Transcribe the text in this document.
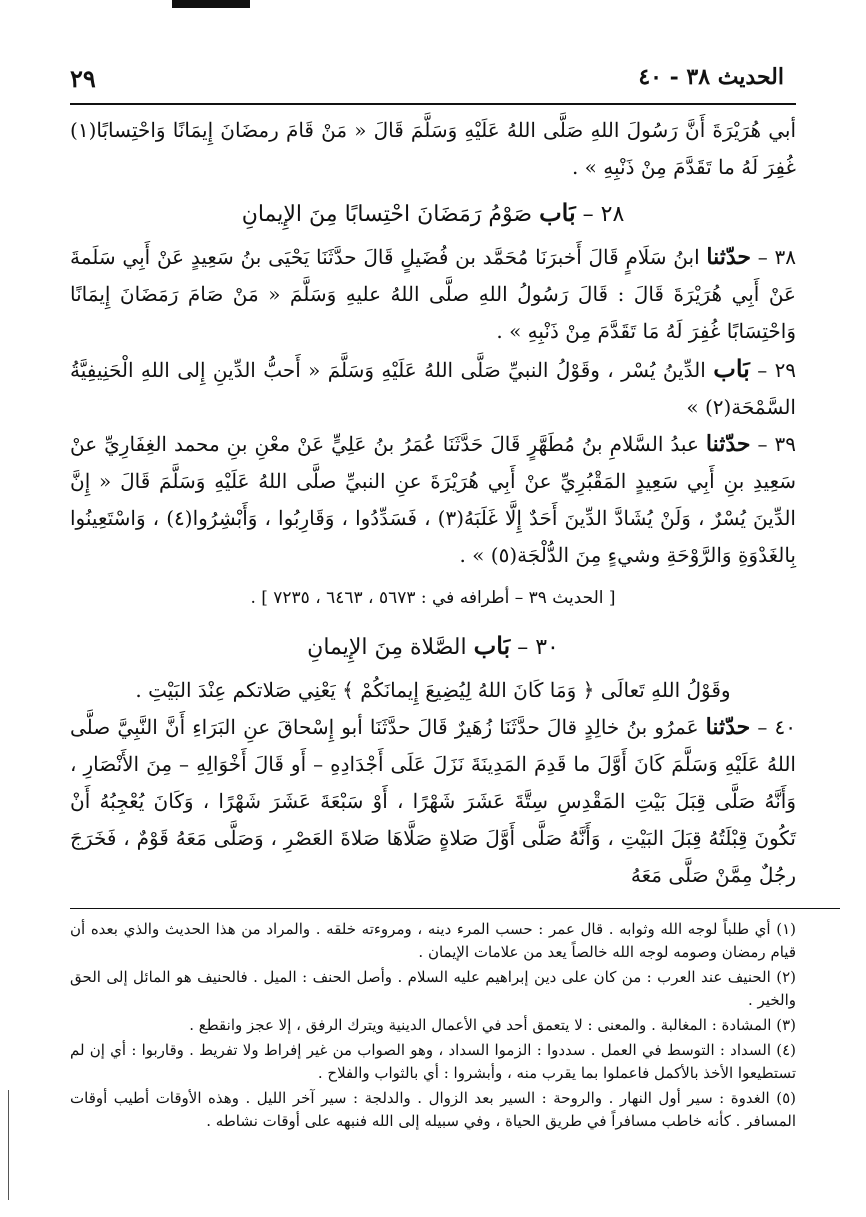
الحديث ٣٨ - ٤٠
٢٩

أبي هُرَيْرَةَ أَنَّ رَسُولَ اللهِ صَلَّى اللهُ عَلَيْهِ وَسَلَّمَ قَالَ « مَنْ قَامَ رمضَانَ إِيمَانًا وَاحْتِسابًا(١) غُفِرَ لَهُ ما تَقَدَّمَ مِنْ ذَنْبِهِ » .

٢٨ – بَاب صَوْمُ رَمَضَانَ احْتِسابًا مِنَ الإِيمانِ

٣٨ – حدّثنا ابنُ سَلَامٍ قَالَ أَخبرَنَا مُحَمَّد بن فُضَيلٍ قَالَ حدَّثَنَا يَحْيَى بنُ سَعِيدٍ عَنْ أَبِي سَلَمةَ عَنْ أَبِي هُرَيْرَةَ قَالَ : قَالَ رَسُولُ اللهِ صلَّى اللهُ عليهِ وَسَلَّمَ « مَنْ صَامَ رَمَضَانَ إِيمَانًا وَاحْتِسَابًا غُفِرَ لَهُ مَا تَقَدَّمَ مِنْ ذَنْبِهِ » .

٢٩ – بَاب الدِّينُ يُسْر ، وقَوْلُ النبيِّ صَلَّى اللهُ عَلَيْهِ وَسَلَّمَ « أَحبُّ الدِّينِ إِلى اللهِ الْحَنِيفِيَّةُ السَّمْحَة(٢) »

٣٩ – حدّثنا عبدُ السَّلامِ بنُ مُطَهَّرٍ قَالَ حَدَّثَنَا عُمَرُ بنُ عَلِيٍّ عَنْ معْنِ بنِ محمد الغِفَارِيِّ عنْ سَعِيدِ بنِ أَبِي سَعِيدٍ المَقْبُرِيِّ عنْ أَبِي هُرَيْرَةَ عنِ النبيِّ صلَّى اللهُ عَلَيْهِ وَسَلَّمَ قَالَ « إِنَّ الدِّينَ يُسْرٌ ، وَلَنْ يُشَادَّ الدِّينَ أَحَدٌ إِلَّا غَلَبَهُ(٣) ، فَسَدِّدُوا ، وَقَارِبُوا ، وَأَبْشِرُوا(٤) ، وَاسْتَعِينُوا بِالغَدْوَةِ وَالرَّوْحَةِ وشيءٍ مِنَ الدُّلْجَة(٥) » .

[ الحديث ٣٩ – أطرافه في : ٥٦٧٣ ، ٦٤٦٣ ، ٧٢٣٥ ] .
٣٠ – بَاب الصَّلاة مِنَ الإِيمانِ

وقَوْلُ اللهِ تَعالَى ﴿ وَمَا كَانَ اللهُ لِيُضِيعَ إِيمانَكُمْ ﴾ يَعْنِي صَلاتكم عِنْدَ البَيْتِ .

٤٠ – حدّثنا عَمرُو بنُ خالِدٍ قالَ حدَّثَنَا زُهَيرٌ قَالَ حدَّثَنَا أبو إِسْحاقَ عنِ البَرَاءِ أَنَّ النَّبِيَّ صلَّى اللهُ عَلَيْهِ وَسَلَّمَ كَانَ أَوَّلَ ما قَدِمَ المَدِينَةَ نَزَلَ عَلَى أَجْدَادِهِ – أَو قَالَ أَخْوَالِهِ – مِنَ الأَنْصَارِ ، وَأَنَّهُ صَلَّى قِبَلَ بَيْتِ المَقْدِسِ سِتَّةَ عَشَرَ شَهْرًا ، أَوْ سَبْعَةَ عَشَرَ شَهْرًا ، وَكَانَ يُعْجِبُهُ أَنْ تَكُونَ قِبْلَتُهُ قِبَلَ البَيْتِ ، وَأَنَّهُ صَلَّى أَوَّلَ صَلاةٍ صَلَّاهَا صَلاةَ العَصْرِ ، وَصَلَّى مَعَهُ قَوْمٌ ، فَخَرَجَ رجُلٌ مِمَّنْ صَلَّى مَعَهُ

(١) أي طلباً لوجه الله وثوابه . قال عمر : حسب المرء دينه ، ومروءته خلقه . والمراد من هذا الحديث والذي بعده أن قيام رمضان وصومه لوجه الله خالصاً يعد من علامات الإيمان .

(٢) الحنيف عند العرب : من كان على دين إبراهيم عليه السلام . وأصل الحنف : الميل . فالحنيف هو المائل إلى الحق والخير .

(٣) المشادة : المغالبة . والمعنى : لا يتعمق أحد في الأعمال الدينية ويترك الرفق ، إلا عجز وانقطع .

(٤) السداد : التوسط في العمل . سددوا : الزموا السداد ، وهو الصواب من غير إفراط ولا تفريط . وقاربوا : أي إن لم تستطيعوا الأخذ بالأكمل فاعملوا بما يقرب منه ، وأبشروا : أي بالثواب والفلاح .

(٥) الغدوة : سير أول النهار . والروحة : السير بعد الزوال . والدلجة : سير آخر الليل . وهذه الأوقات أطيب أوقات المسافر . كأنه خاطب مسافراً في طريق الحياة ، وفي سبيله إلى الله فنبهه على أوقات نشاطه .
